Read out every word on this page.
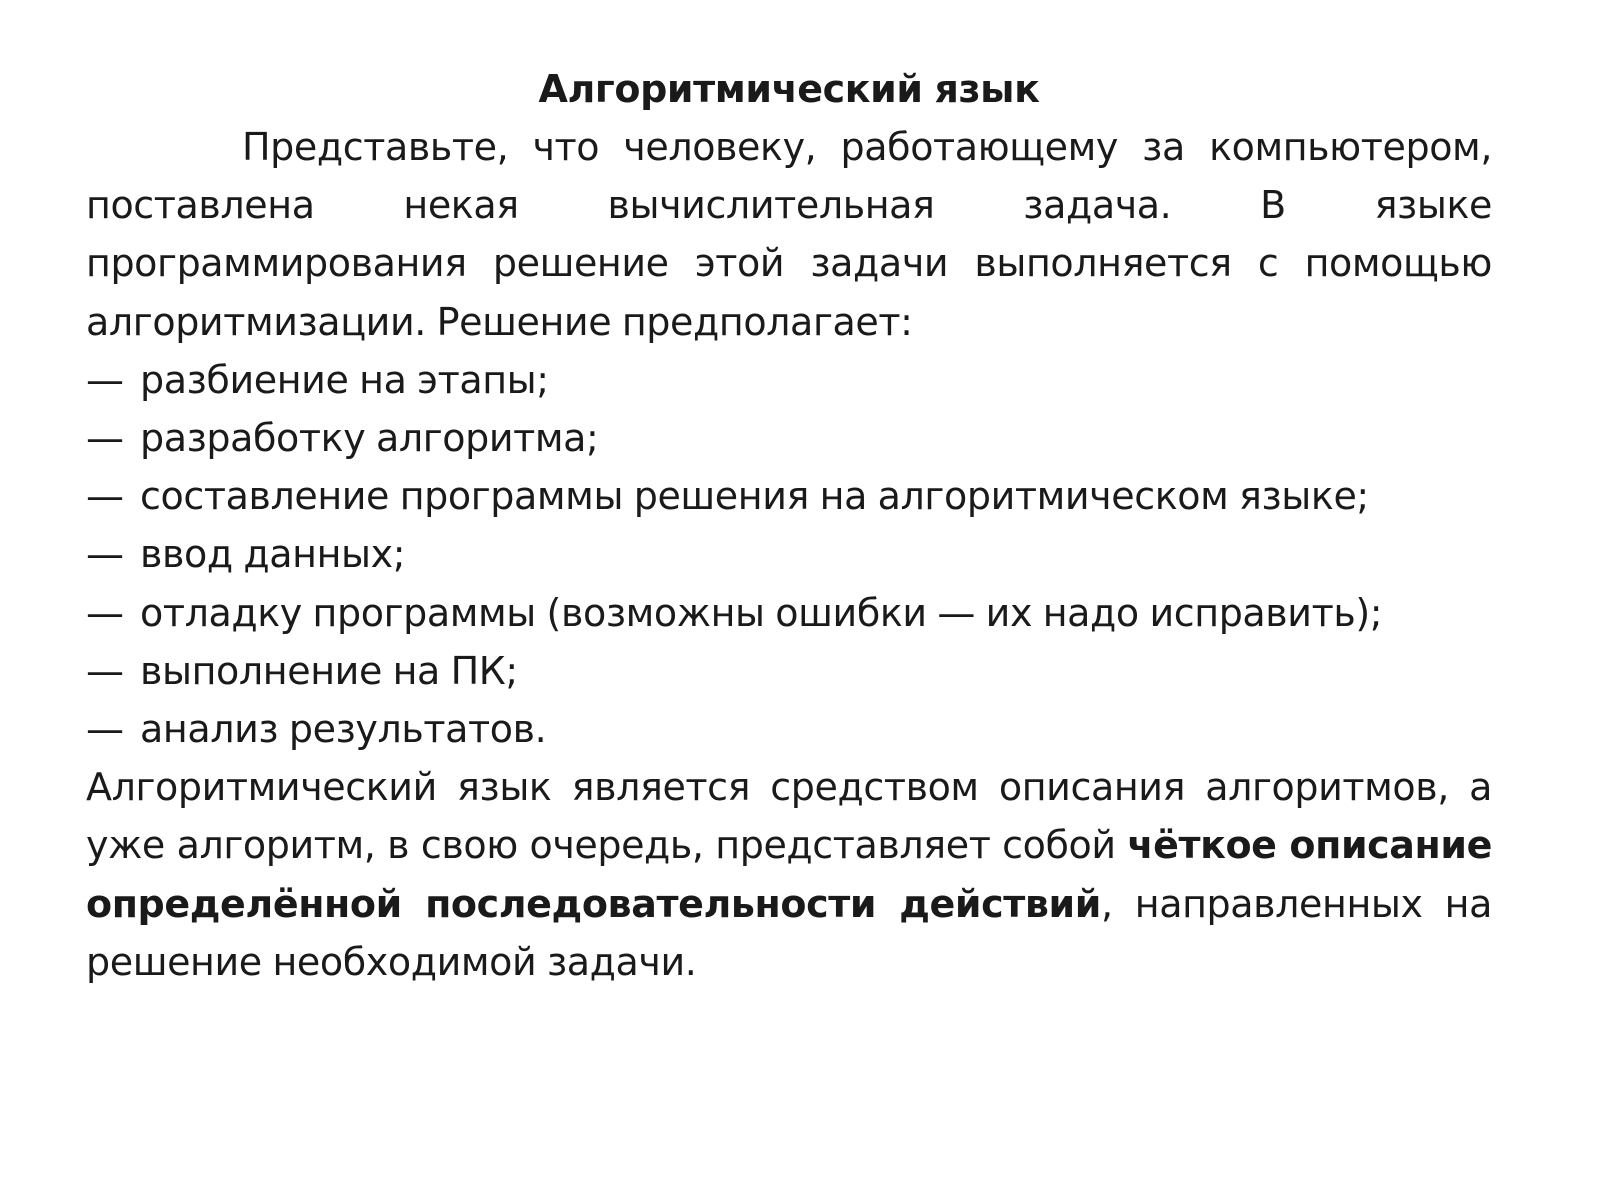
Алгоритмический язык

Представьте, что человеку, работающему за компьютером, поставлена некая вычислительная задача. В языке программирования решение этой задачи выполняется с помощью алгоритмизации. Решение предполагает:

— разбиение на этапы;
— разработку алгоритма;
— составление программы решения на алгоритмическом языке;
— ввод данных;
— отладку программы (возможны ошибки — их надо исправить);
— выполнение на ПК;
— анализ результатов.

Алгоритмический язык является средством описания алгоритмов, а уже алгоритм, в свою очередь, представляет собой чёткое описание определённой последовательности действий, направленных на решение необходимой задачи.
